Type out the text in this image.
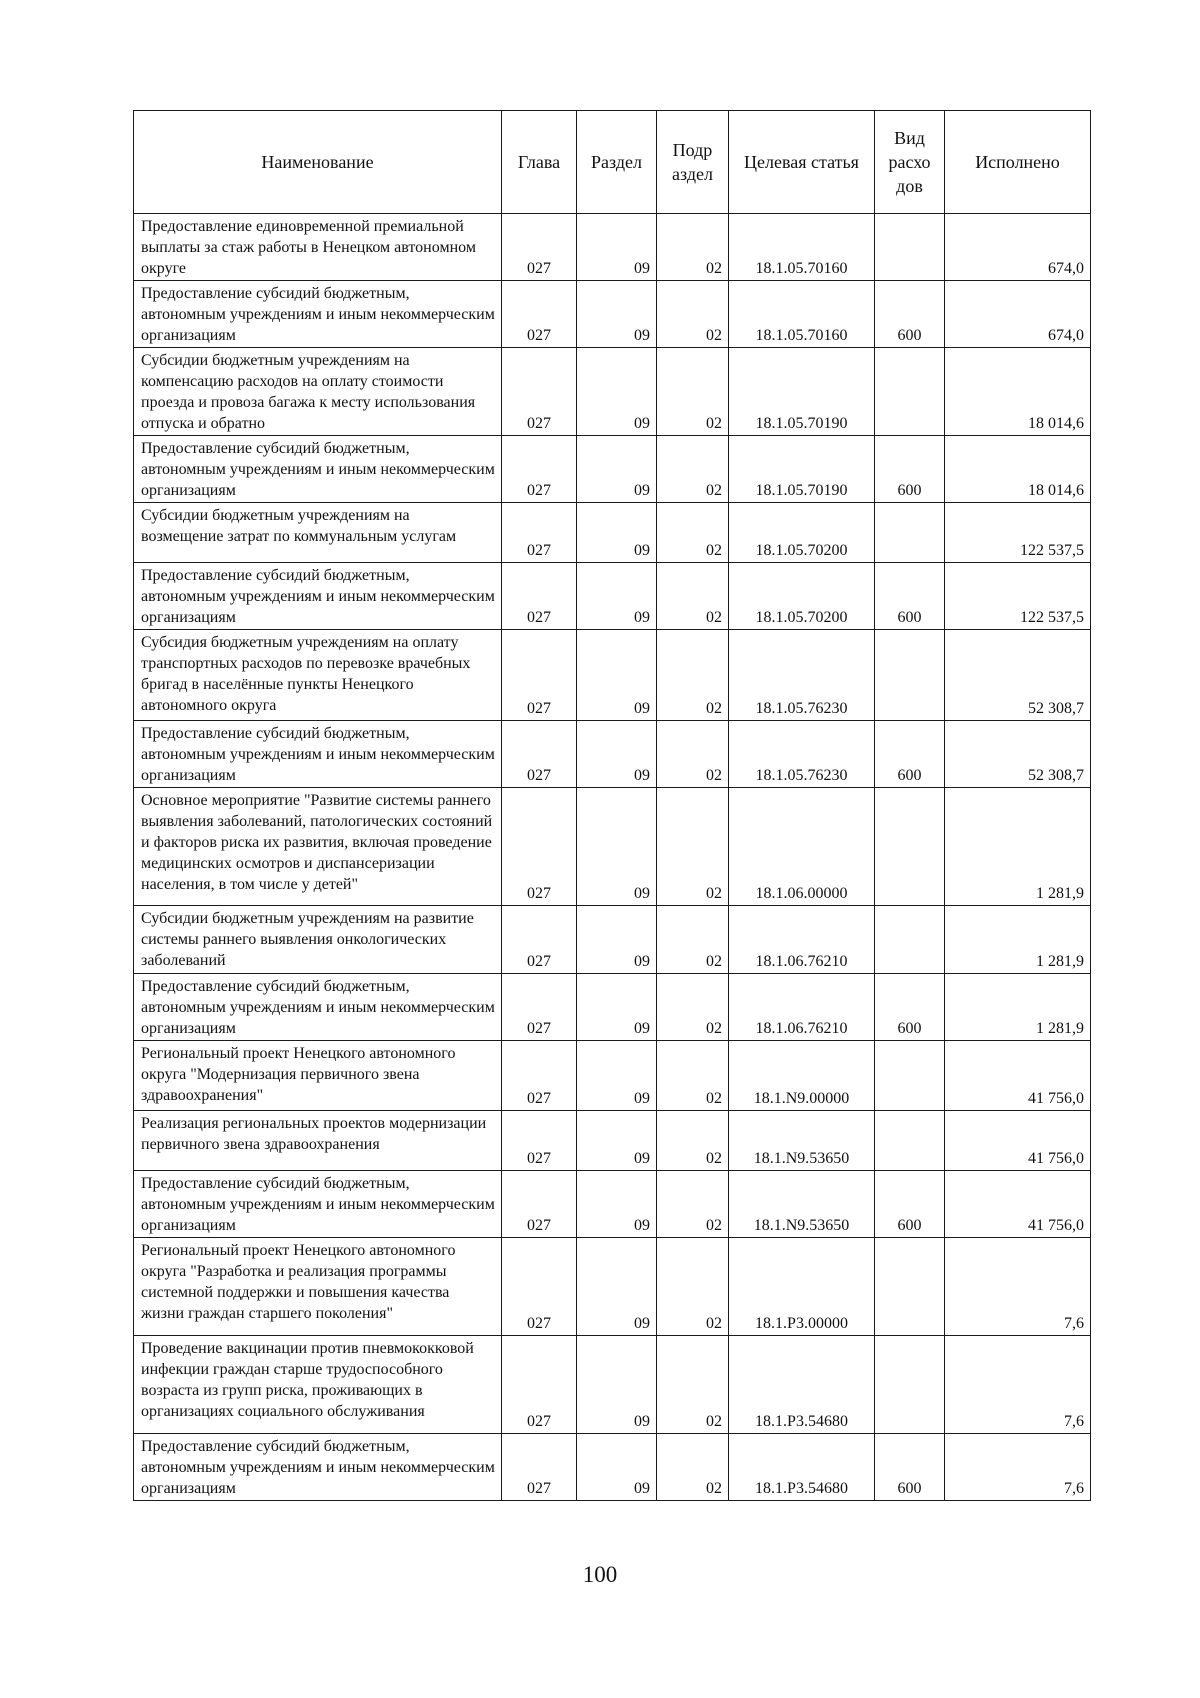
Наименование	Глава	Раздел	Подр аздел	Целевая статья	Вид расхо дов	Исполнено
Предоставление единовременной премиальной выплаты за стаж работы в Ненецком автономном округе	027	09	02	18.1.05.70160		674,0
Предоставление субсидий бюджетным, автономным учреждениям и иным некоммерческим организациям	027	09	02	18.1.05.70160	600	674,0
Субсидии бюджетным учреждениям на компенсацию расходов на оплату стоимости проезда и провоза багажа к месту использования отпуска и обратно	027	09	02	18.1.05.70190		18 014,6
Предоставление субсидий бюджетным, автономным учреждениям и иным некоммерческим организациям	027	09	02	18.1.05.70190	600	18 014,6
Субсидии бюджетным учреждениям на возмещение затрат по коммунальным услугам	027	09	02	18.1.05.70200		122 537,5
Предоставление субсидий бюджетным, автономным учреждениям и иным некоммерческим организациям	027	09	02	18.1.05.70200	600	122 537,5
Субсидия бюджетным учреждениям на оплату транспортных расходов по перевозке врачебных бригад в населённые пункты Ненецкого автономного округа	027	09	02	18.1.05.76230		52 308,7
Предоставление субсидий бюджетным, автономным учреждениям и иным некоммерческим организациям	027	09	02	18.1.05.76230	600	52 308,7
Основное мероприятие "Развитие системы раннего выявления заболеваний, патологических состояний и факторов риска их развития, включая проведение медицинских осмотров и диспансеризации населения, в том числе у детей"	027	09	02	18.1.06.00000		1 281,9
Субсидии бюджетным учреждениям на развитие системы раннего выявления онкологических заболеваний	027	09	02	18.1.06.76210		1 281,9
Предоставление субсидий бюджетным, автономным учреждениям и иным некоммерческим организациям	027	09	02	18.1.06.76210	600	1 281,9
Региональный проект Ненецкого автономного округа "Модернизация первичного звена здравоохранения"	027	09	02	18.1.N9.00000		41 756,0
Реализация региональных проектов модернизации первичного звена здравоохранения	027	09	02	18.1.N9.53650		41 756,0
Предоставление субсидий бюджетным, автономным учреждениям и иным некоммерческим организациям	027	09	02	18.1.N9.53650	600	41 756,0
Региональный проект Ненецкого автономного округа "Разработка и реализация программы системной поддержки и повышения качества жизни граждан старшего поколения"	027	09	02	18.1.P3.00000		7,6
Проведение вакцинации против пневмококковой инфекции граждан старше трудоспособного возраста из групп риска, проживающих в организациях социального обслуживания	027	09	02	18.1.P3.54680		7,6
Предоставление субсидий бюджетным, автономным учреждениям и иным некоммерческим организациям	027	09	02	18.1.P3.54680	600	7,6
100
